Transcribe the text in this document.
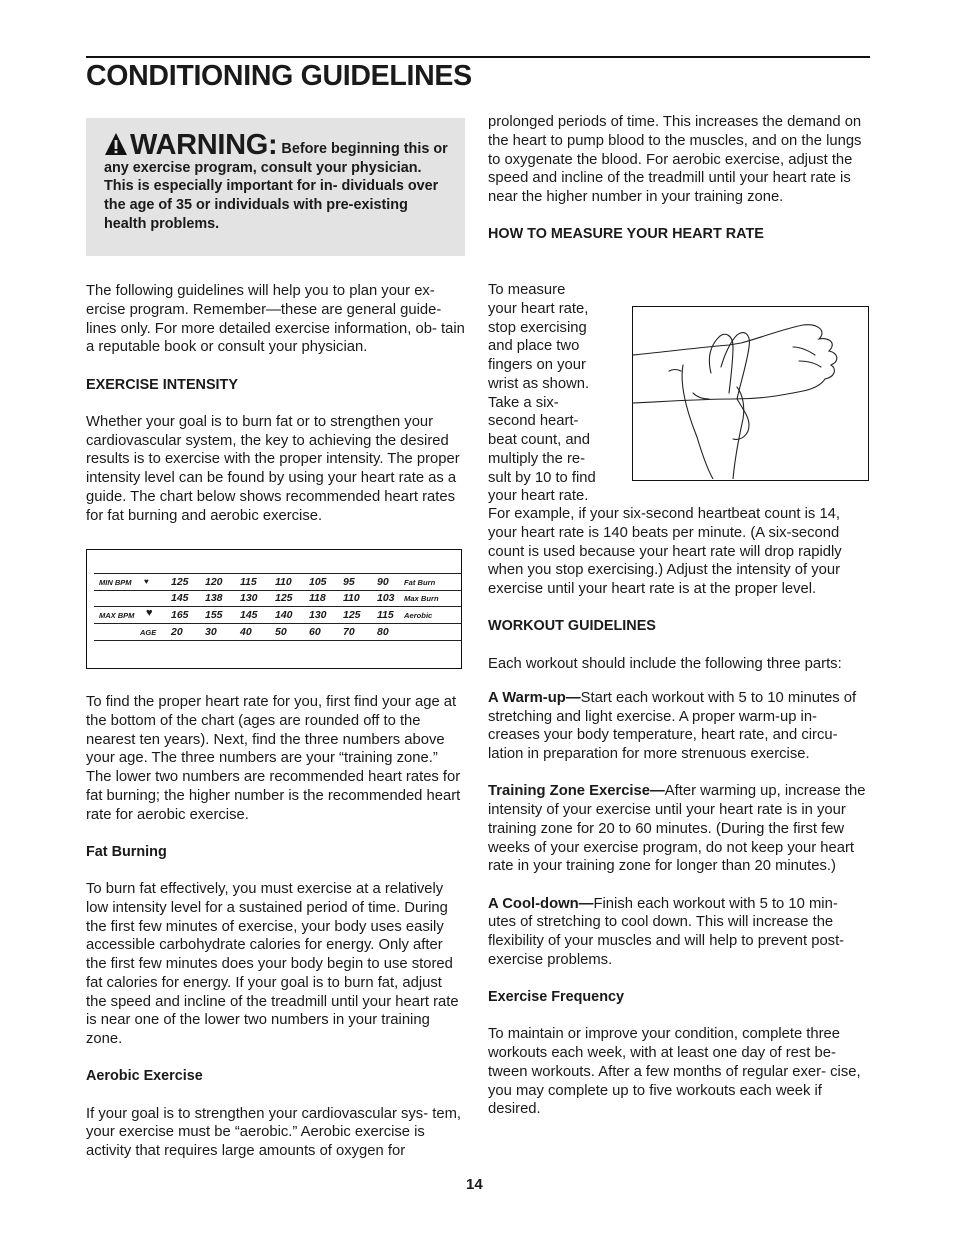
CONDITIONING GUIDELINES
WARNING: Before beginning this or any exercise program, consult your physician. This is especially important for in- dividuals over the age of 35 or individuals with pre-existing health problems.

The following guidelines will help you to plan your ex- ercise program. Remember—these are general guide- lines only. For more detailed exercise information, ob- tain a reputable book or consult your physician.

EXERCISE INTENSITY

Whether your goal is to burn fat or to strengthen your cardiovascular system, the key to achieving the desired results is to exercise with the proper intensity. The proper intensity level can be found by using your heart rate as a guide. The chart below shows recommended heart rates for fat burning and aerobic exercise.

MIN BPM ♥ 125 120 115 110 105 95 90 Fat Burn
145 138 130 125 118 110 103 Max Burn
MAX BPM ♥ 165 155 145 140 130 125 115 Aerobic
AGE 20 30 40 50 60 70 80

To find the proper heart rate for you, first find your age at the bottom of the chart (ages are rounded off to the nearest ten years). Next, find the three numbers above your age. The three numbers are your “training zone.” The lower two numbers are recommended heart rates for fat burning; the higher number is the recommended heart rate for aerobic exercise.

Fat Burning

To burn fat effectively, you must exercise at a relatively low intensity level for a sustained period of time. During the first few minutes of exercise, your body uses easily accessible carbohydrate calories for energy. Only after the first few minutes does your body begin to use stored fat calories for energy. If your goal is to burn fat, adjust the speed and incline of the treadmill until your heart rate is near one of the lower two numbers in your training zone.

Aerobic Exercise

If your goal is to strengthen your cardiovascular sys- tem, your exercise must be “aerobic.” Aerobic exercise is activity that requires large amounts of oxygen for

prolonged periods of time. This increases the demand on the heart to pump blood to the muscles, and on the lungs to oxygenate the blood. For aerobic exercise, adjust the speed and incline of the treadmill until your heart rate is near the higher number in your training zone.

HOW TO MEASURE YOUR HEART RATE

To measure
your heart rate,
stop exercising
and place two
fingers on your
wrist as shown.
Take a six-
second heart-
beat count, and
multiply the re-
sult by 10 to find
your heart rate.

For example, if your six-second heartbeat count is 14, your heart rate is 140 beats per minute. (A six-second count is used because your heart rate will drop rapidly when you stop exercising.) Adjust the intensity of your exercise until your heart rate is at the proper level.

WORKOUT GUIDELINES

Each workout should include the following three parts:

A Warm-up—Start each workout with 5 to 10 minutes of stretching and light exercise. A proper warm-up in- creases your body temperature, heart rate, and circu- lation in preparation for more strenuous exercise.

Training Zone Exercise—After warming up, increase the intensity of your exercise until your heart rate is in your training zone for 20 to 60 minutes. (During the first few weeks of your exercise program, do not keep your heart rate in your training zone for longer than 20 minutes.)

A Cool-down—Finish each workout with 5 to 10 min- utes of stretching to cool down. This will increase the flexibility of your muscles and will help to prevent post- exercise problems.

Exercise Frequency

To maintain or improve your condition, complete three workouts each week, with at least one day of rest be- tween workouts. After a few months of regular exer- cise, you may complete up to five workouts each week if desired.

14
